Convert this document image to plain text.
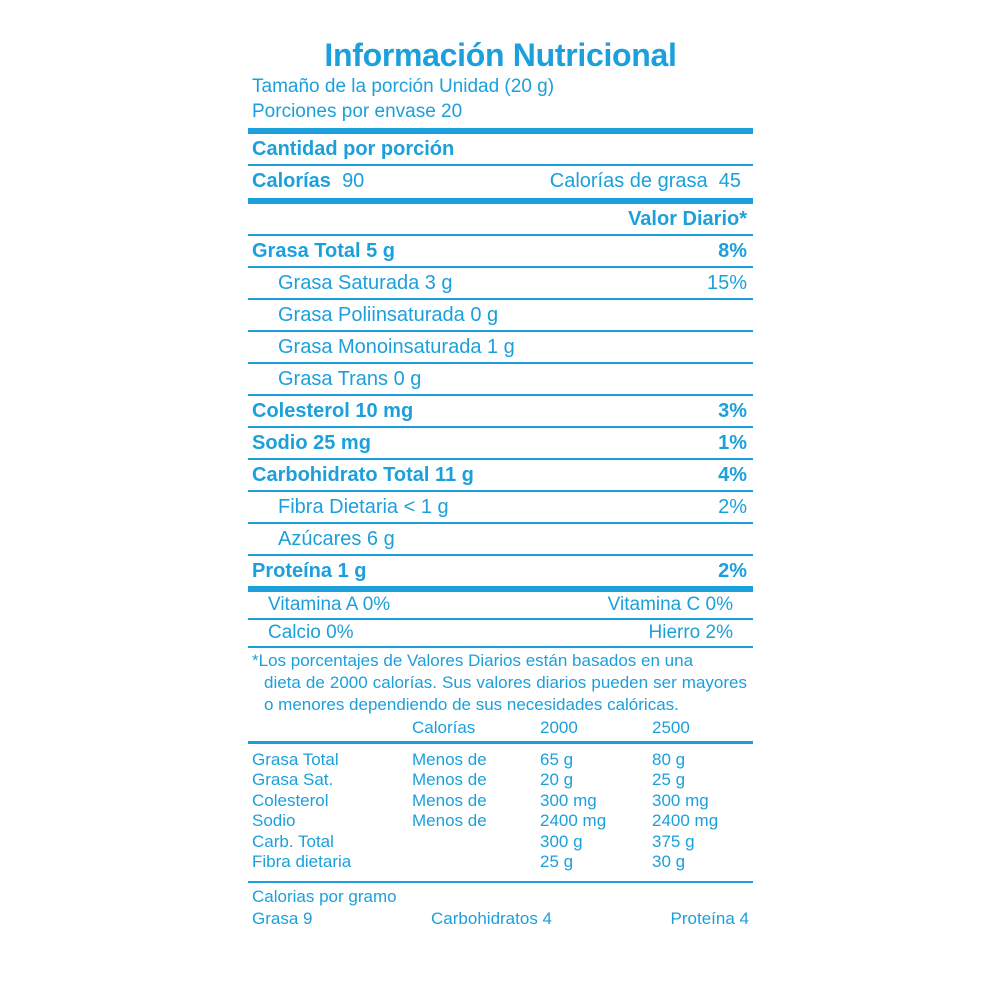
Información Nutricional
Tamaño de la porción Unidad (20 g)
Porciones por envase 20
Cantidad por porción
Calorías 90	Calorías de grasa 45
Valor Diario*
Grasa Total 5 g	8%
Grasa Saturada 3 g	15%
Grasa Poliinsaturada 0 g
Grasa Monoinsaturada 1 g
Grasa Trans 0 g
Colesterol 10 mg	3%
Sodio 25 mg	1%
Carbohidrato Total 11 g	4%
Fibra Dietaria < 1 g	2%
Azúcares 6 g
Proteína 1 g	2%
Vitamina A 0%	Vitamina C 0%
Calcio 0%	Hierro 2%
*Los porcentajes de Valores Diarios están basados en una
dieta de 2000 calorías. Sus valores diarios pueden ser mayores o menores dependiendo de sus necesidades calóricas.
	Calorías	2000	2500
Grasa Total	Menos de	65 g	80 g
Grasa Sat.	Menos de	20 g	25 g
Colesterol	Menos de	300 mg	300 mg
Sodio	Menos de	2400 mg	2400 mg
Carb. Total		300 g	375 g
Fibra dietaria		25 g	30 g
Calorias por gramo
Grasa 9	Carbohidratos 4	Proteína 4
